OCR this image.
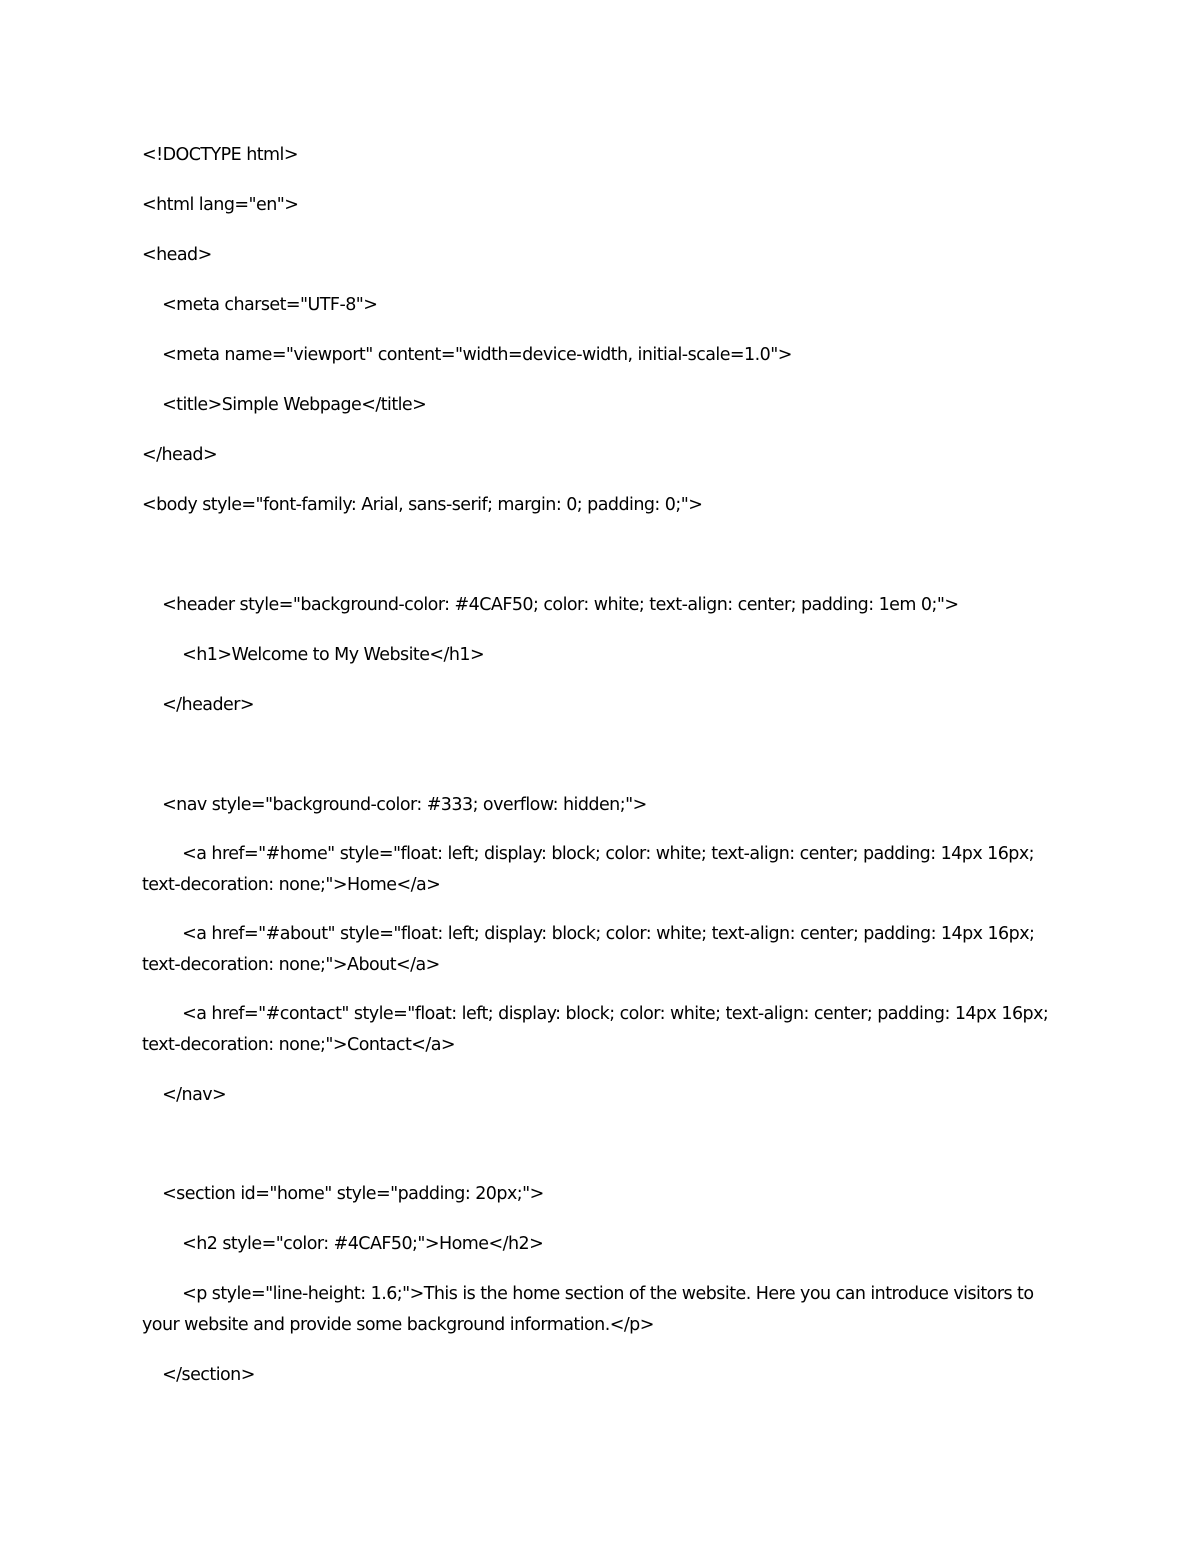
<!DOCTYPE html>

<html lang="en">

<head>

<meta charset="UTF-8">

<meta name="viewport" content="width=device-width, initial-scale=1.0">

<title>Simple Webpage</title>

</head>

<body style="font-family: Arial, sans-serif; margin: 0; padding: 0;">

<header style="background-color: #4CAF50; color: white; text-align: center; padding: 1em 0;">

<h1>Welcome to My Website</h1>

</header>

<nav style="background-color: #333; overflow: hidden;">

<a href="#home" style="float: left; display: block; color: white; text-align: center; padding: 14px 16px; text-decoration: none;">Home</a>

<a href="#about" style="float: left; display: block; color: white; text-align: center; padding: 14px 16px; text-decoration: none;">About</a>

<a href="#contact" style="float: left; display: block; color: white; text-align: center; padding: 14px 16px; text-decoration: none;">Contact</a>

</nav>

<section id="home" style="padding: 20px;">

<h2 style="color: #4CAF50;">Home</h2>

<p style="line-height: 1.6;">This is the home section of the website. Here you can introduce visitors to your website and provide some background information.</p>

</section>
